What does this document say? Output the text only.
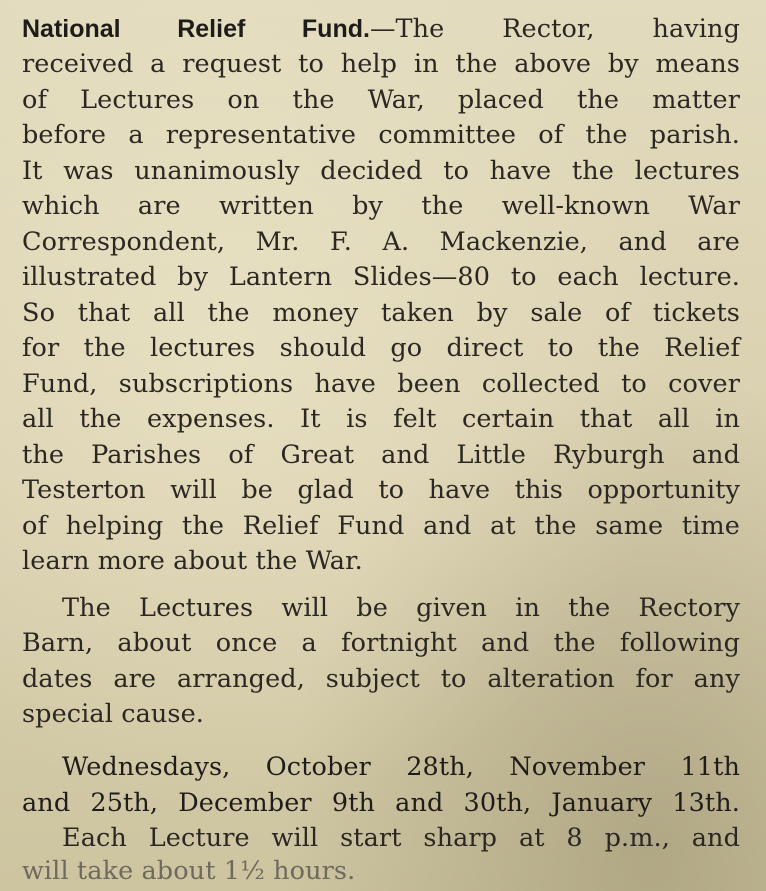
National Relief Fund.—The Rector, having
received a request to help in the above by means
of Lectures on the War, placed the matter
before a representative committee of the parish.
It was unanimously decided to have the lectures
which are written by the well-known War
Correspondent, Mr. F. A. Mackenzie, and are
illustrated by Lantern Slides—80 to each lecture.
So that all the money taken by sale of tickets
for the lectures should go direct to the Relief
Fund, subscriptions have been collected to cover
all the expenses. It is felt certain that all in
the Parishes of Great and Little Ryburgh and
Testerton will be glad to have this opportunity
of helping the Relief Fund and at the same time
learn more about the War.
The Lectures will be given in the Rectory
Barn, about once a fortnight and the following
dates are arranged, subject to alteration for any
special cause.
Wednesdays, October 28th, November 11th
and 25th, December 9th and 30th, January 13th.
Each Lecture will start sharp at 8 p.m., and
will take about 1½ hours.
